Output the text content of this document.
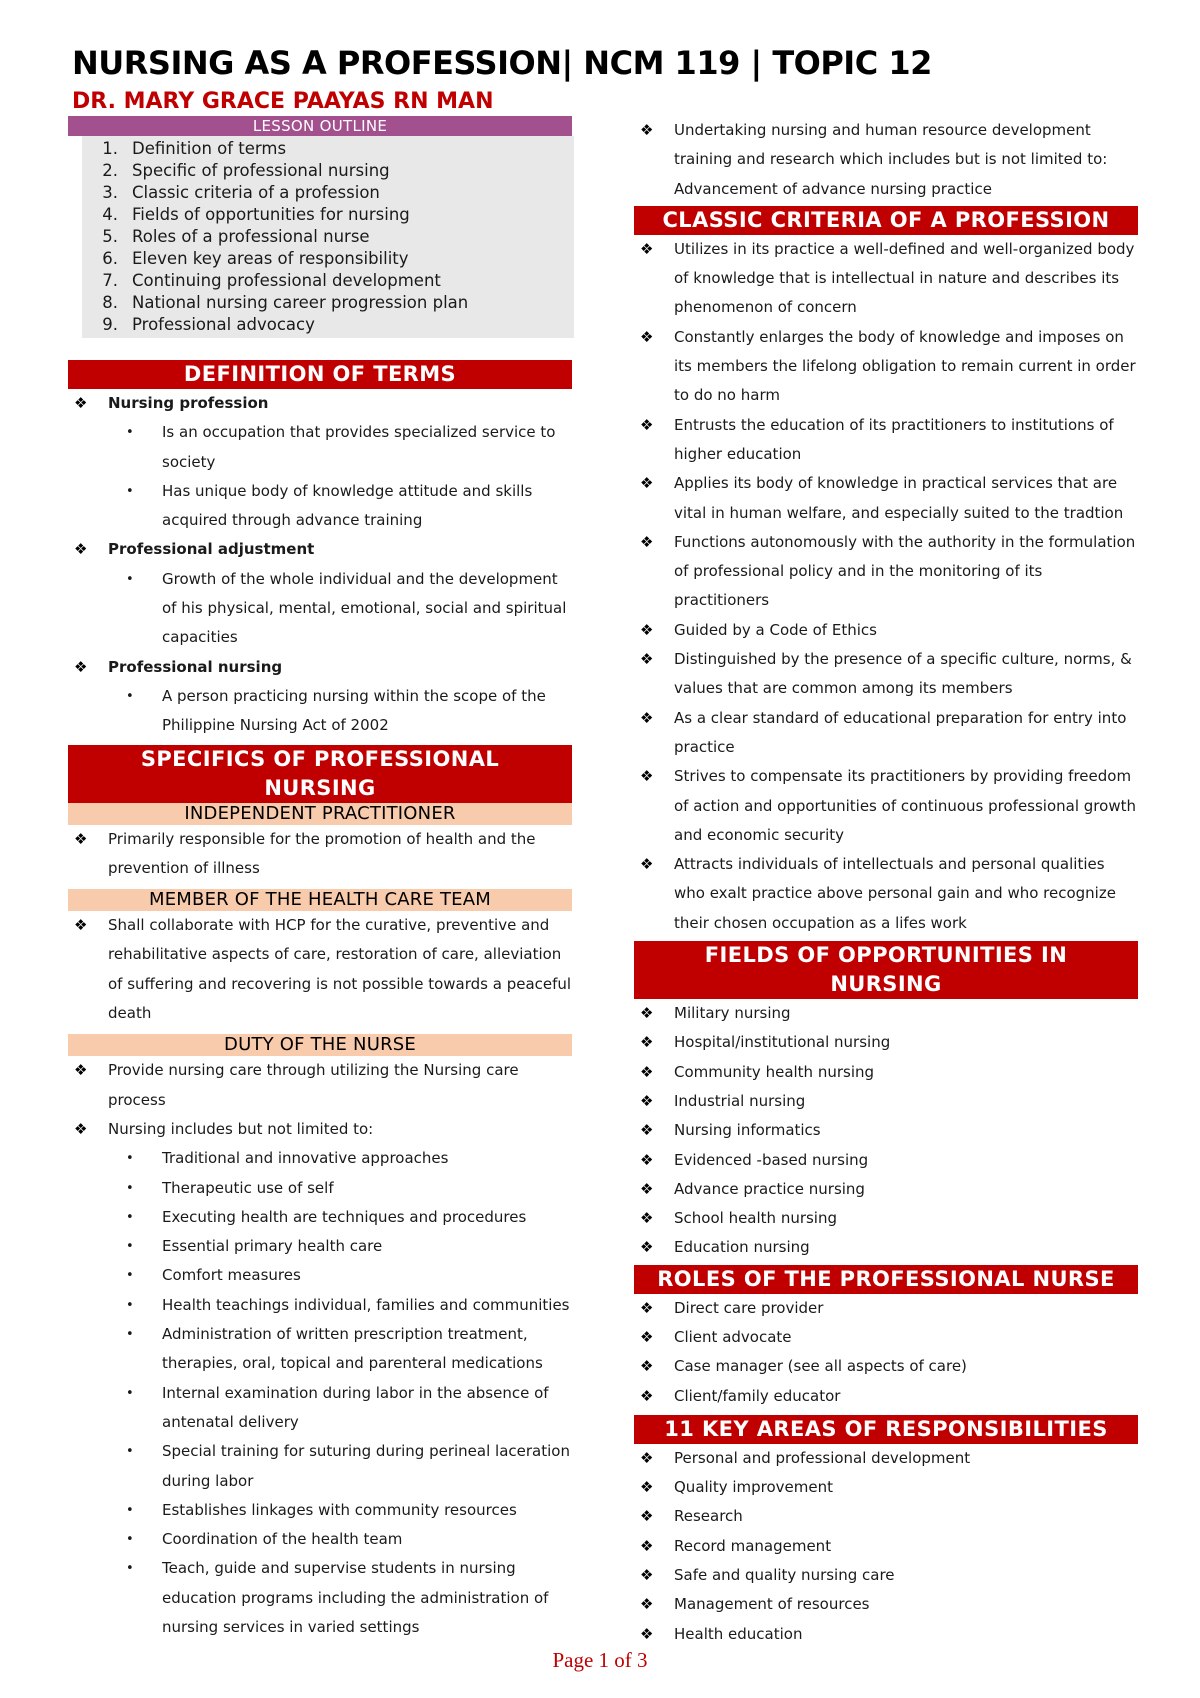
NURSING AS A PROFESSION| NCM 119 | TOPIC 12
DR. MARY GRACE PAAYAS RN MAN
LESSON OUTLINE
1. Definition of terms
2. Specific of professional nursing
3. Classic criteria of a profession
4. Fields of opportunities for nursing
5. Roles of a professional nurse
6. Eleven key areas of responsibility
7. Continuing professional development
8. National nursing career progression plan
9. Professional advocacy
DEFINITION OF TERMS
❖ Nursing profession
• Is an occupation that provides specialized service to society
• Has unique body of knowledge attitude and skills acquired through advance training
❖ Professional adjustment
• Growth of the whole individual and the development of his physical, mental, emotional, social and spiritual capacities
❖ Professional nursing
• A person practicing nursing within the scope of the Philippine Nursing Act of 2002
SPECIFICS OF PROFESSIONAL
NURSING
INDEPENDENT PRACTITIONER
❖ Primarily responsible for the promotion of health and the prevention of illness
MEMBER OF THE HEALTH CARE TEAM
❖ Shall collaborate with HCP for the curative, preventive and rehabilitative aspects of care, restoration of care, alleviation of suffering and recovering is not possible towards a peaceful death
DUTY OF THE NURSE
❖ Provide nursing care through utilizing the Nursing care process
❖ Nursing includes but not limited to:
• Traditional and innovative approaches
• Therapeutic use of self
• Executing health are techniques and procedures
• Essential primary health care
• Comfort measures
• Health teachings individual, families and communities
• Administration of written prescription treatment, therapies, oral, topical and parenteral medications
• Internal examination during labor in the absence of antenatal delivery
• Special training for suturing during perineal laceration during labor
• Establishes linkages with community resources
• Coordination of the health team
• Teach, guide and supervise students in nursing education programs including the administration of nursing services in varied settings
❖ Undertaking nursing and human resource development training and research which includes but is not limited to: Advancement of advance nursing practice
CLASSIC CRITERIA OF A PROFESSION
❖ Utilizes in its practice a well-defined and well-organized body of knowledge that is intellectual in nature and describes its phenomenon of concern
❖ Constantly enlarges the body of knowledge and imposes on its members the lifelong obligation to remain current in order to do no harm
❖ Entrusts the education of its practitioners to institutions of higher education
❖ Applies its body of knowledge in practical services that are vital in human welfare, and especially suited to the tradtion
❖ Functions autonomously with the authority in the formulation of professional policy and in the monitoring of its practitioners
❖ Guided by a Code of Ethics
❖ Distinguished by the presence of a specific culture, norms, & values that are common among its members
❖ As a clear standard of educational preparation for entry into practice
❖ Strives to compensate its practitioners by providing freedom of action and opportunities of continuous professional growth and economic security
❖ Attracts individuals of intellectuals and personal qualities who exalt practice above personal gain and who recognize their chosen occupation as a lifes work
FIELDS OF OPPORTUNITIES IN
NURSING
❖ Military nursing
❖ Hospital/institutional nursing
❖ Community health nursing
❖ Industrial nursing
❖ Nursing informatics
❖ Evidenced -based nursing
❖ Advance practice nursing
❖ School health nursing
❖ Education nursing
ROLES OF THE PROFESSIONAL NURSE
❖ Direct care provider
❖ Client advocate
❖ Case manager (see all aspects of care)
❖ Client/family educator
11 KEY AREAS OF RESPONSIBILITIES
❖ Personal and professional development
❖ Quality improvement
❖ Research
❖ Record management
❖ Safe and quality nursing care
❖ Management of resources
❖ Health education
Page 1 of 3
